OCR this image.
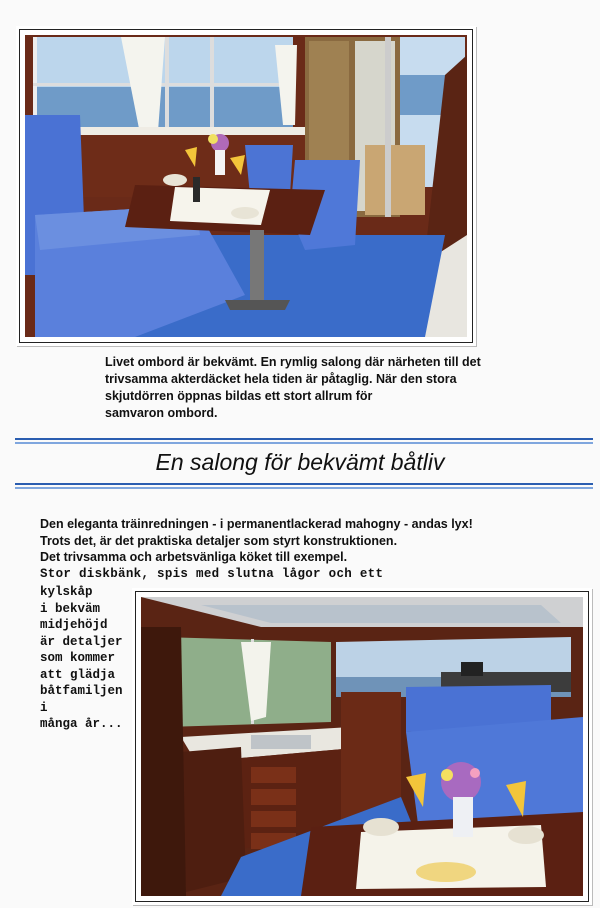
Livet ombord är bekvämt. En rymlig salong där närheten till det

trivsamma akterdäcket hela tiden är påtaglig. När den stora

skjutdörren öppnas bildas ett stort allrum för

samvaron ombord.

En salong för bekvämt båtliv

Den eleganta träinredningen - i permanentlackerad mahogny - andas lyx!

Trots det, är det praktiska detaljer som styrt konstruktionen.

Det trivsamma och arbetsvänliga köket till exempel.

Stor diskbänk, spis med slutna lågor och ett

kylskåp

i bekväm

midjehöjd

är detaljer

som kommer

att glädja

båtfamiljen i

många år...
